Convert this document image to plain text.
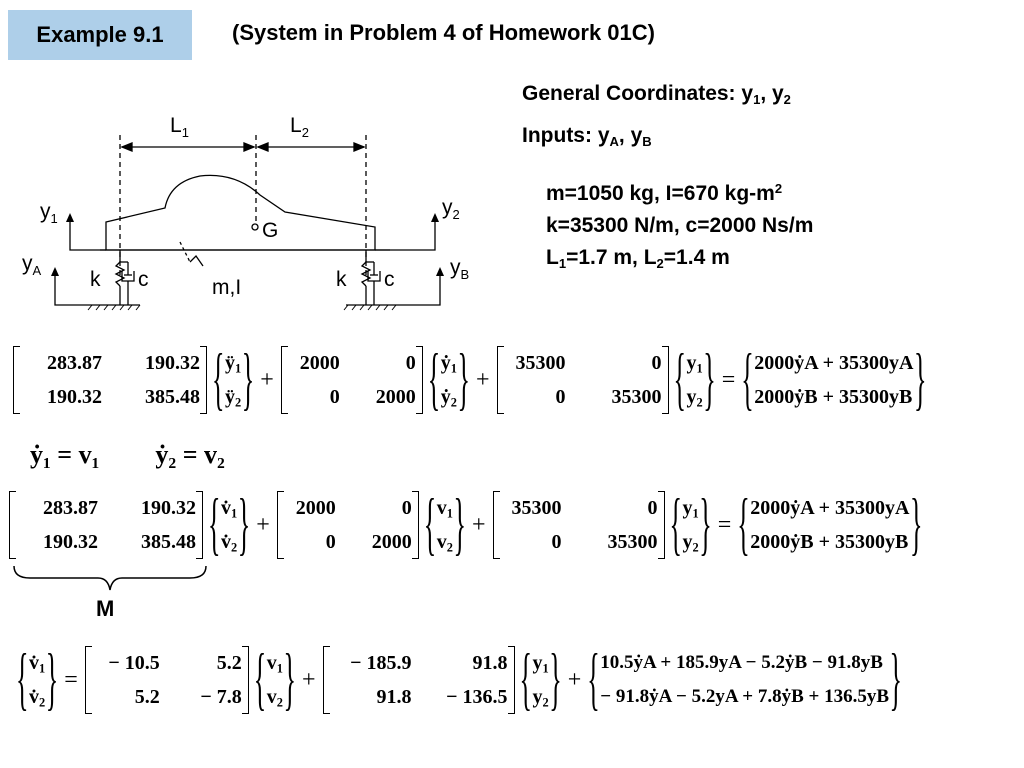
Example 9.1	(System in Problem 4 of Homework 01C)
General Coordinates: $y_1$, $y_2$
Inputs: $y_A$, $y_B$
m=1050 kg, I=670 $kg-m^2$
k=35300 N/m, c=2000 Ns/m
$L_1=1.7$ m, $L_2=1.4$ m
$L_1$	$L_2$
$y_1$	$y_2$
$y_A$	$y_B$
G
k c	k c
m,I
283.87	190.32
190.32	385.48
{ $ÿ_1$
$ÿ_2$
}
+
2000	0
0	2000
{ ẏ$_1$
ẏ$_2$
}
+
35300	0
0	35300
{ $y_1$
$y_2$
}
=
{ 2000ẏA + 35300yA
2000ẏB + 35300yB
}
ẏ₁ = v₁ ẏ₂ = v₂
283.87	190.32
190.32	385.48
{ $v̇_1$
$v̇_2$
}
+
2000	0
0	2000
{ $v_1$
$v_2$
}
+
35300	0
0	35300
{ $y_1$
$y_2$
}
=
{ 2000ẏA + 35300yA
2000ẏB + 35300yB
}
M
{ $v̇_1$
$v̇_2$
}
=
− 10.5	5.2
5.2	− 7.8
{ $v_1$
$v_2$
}
+
− 185.9	91.8
91.8	− 136.5
{ $y_1$
$y_2$
}
+
{ 10.5ẏA + 185.9yA − 5.2ẏB − 91.8yB
− 91.8ẏA − 5.2yA + 7.8ẏB + 136.5yB
}
